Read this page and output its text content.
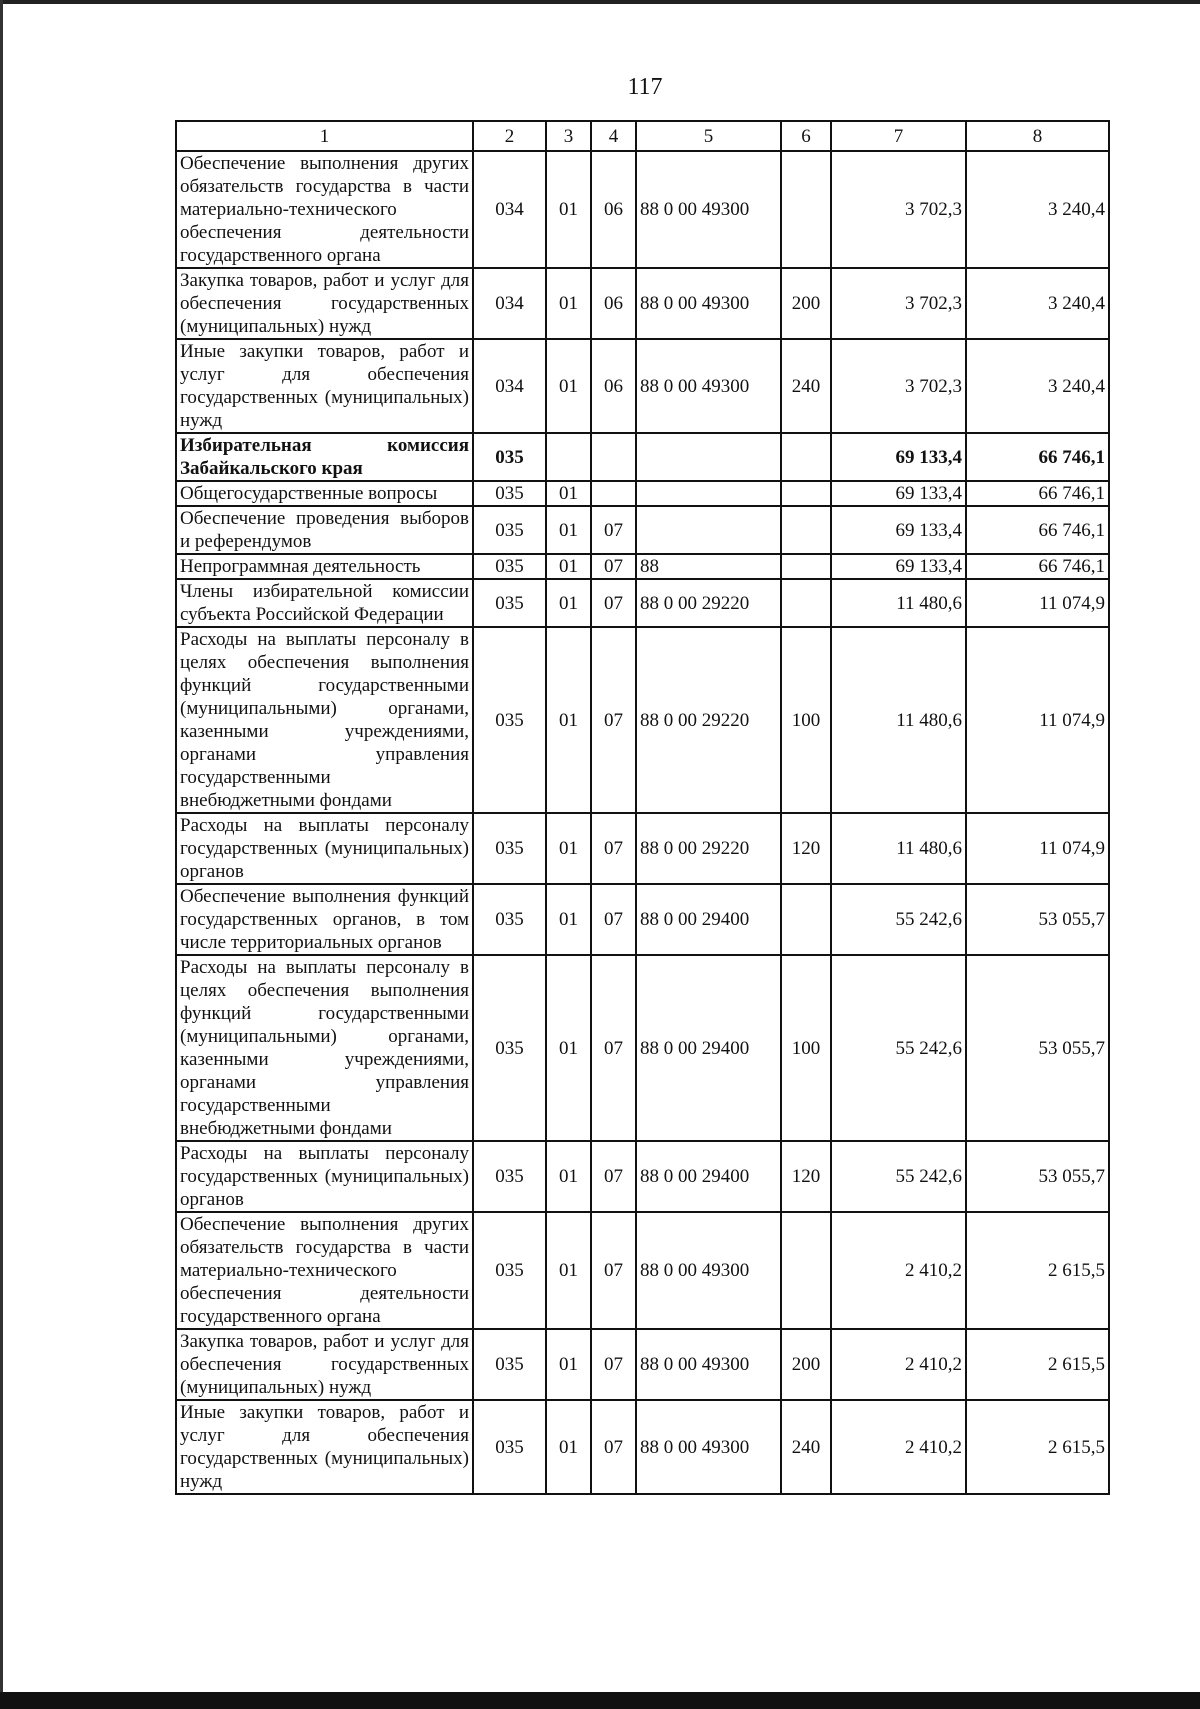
117
1	2	3	4	5	6	7	8
Обеспечение выполнения других обязательств государства в части материально-технического обеспечения деятельности государственного органа	034	01	06	88 0 00 49300		3 702,3	3 240,4
Закупка товаров, работ и услуг для обеспечения государственных (муниципальных) нужд	034	01	06	88 0 00 49300	200	3 702,3	3 240,4
Иные закупки товаров, работ и услуг для обеспечения государственных (муниципальных) нужд	034	01	06	88 0 00 49300	240	3 702,3	3 240,4
Избирательная комиссия Забайкальского края	035					69 133,4	66 746,1
Общегосударственные вопросы	035	01				69 133,4	66 746,1
Обеспечение проведения выборов и референдумов	035	01	07			69 133,4	66 746,1
Непрограммная деятельность	035	01	07	88		69 133,4	66 746,1
Члены избирательной комиссии субъекта Российской Федерации	035	01	07	88 0 00 29220		11 480,6	11 074,9
Расходы на выплаты персоналу в целях обеспечения выполнения функций государственными (муниципальными) органами, казенными учреждениями, органами управления государственными внебюджетными фондами	035	01	07	88 0 00 29220	100	11 480,6	11 074,9
Расходы на выплаты персоналу государственных (муниципальных) органов	035	01	07	88 0 00 29220	120	11 480,6	11 074,9
Обеспечение выполнения функций государственных органов, в том числе территориальных органов	035	01	07	88 0 00 29400		55 242,6	53 055,7
Расходы на выплаты персоналу в целях обеспечения выполнения функций государственными (муниципальными) органами, казенными учреждениями, органами управления государственными внебюджетными фондами	035	01	07	88 0 00 29400	100	55 242,6	53 055,7
Расходы на выплаты персоналу государственных (муниципальных) органов	035	01	07	88 0 00 29400	120	55 242,6	53 055,7
Обеспечение выполнения других обязательств государства в части материально-технического обеспечения деятельности государственного органа	035	01	07	88 0 00 49300		2 410,2	2 615,5
Закупка товаров, работ и услуг для обеспечения государственных (муниципальных) нужд	035	01	07	88 0 00 49300	200	2 410,2	2 615,5
Иные закупки товаров, работ и услуг для обеспечения государственных (муниципальных) нужд	035	01	07	88 0 00 49300	240	2 410,2	2 615,5
